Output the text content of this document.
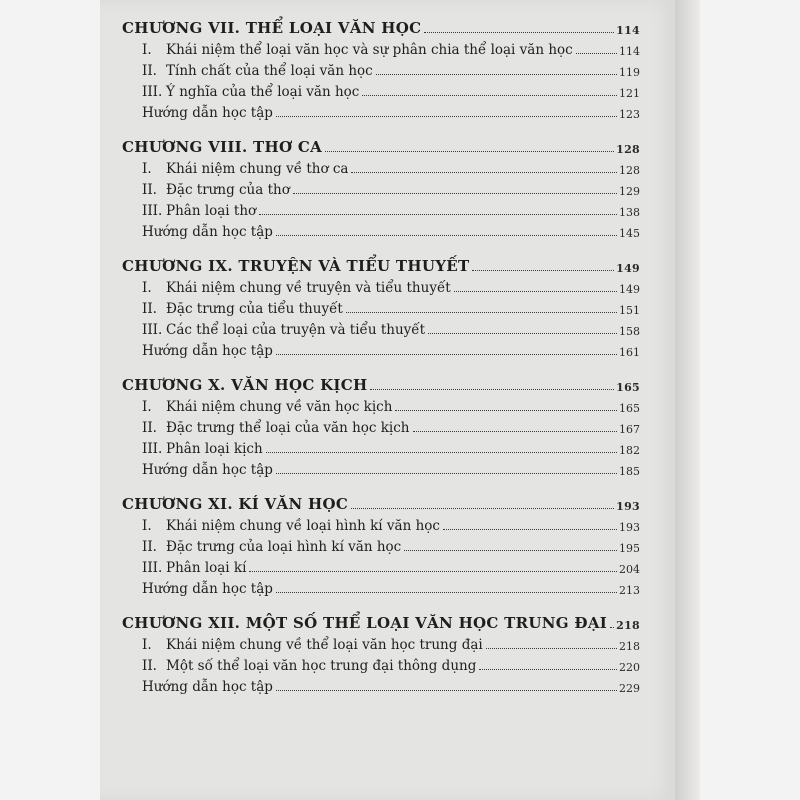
CHƯƠNG VII. THỂ LOẠI VĂN HỌC	114
I. Khái niệm thể loại văn học và sự phân chia thể loại văn học	114
II. Tính chất của thể loại văn học	119
III. Ý nghĩa của thể loại văn học	121
Hướng dẫn học tập	123
CHƯƠNG VIII. THƠ CA	128
I. Khái niệm chung về thơ ca	128
II. Đặc trưng của thơ	129
III. Phân loại thơ	138
Hướng dẫn học tập	145
CHƯƠNG IX. TRUYỆN VÀ TIỂU THUYẾT	149
I. Khái niệm chung về truyện và tiểu thuyết	149
II. Đặc trưng của tiểu thuyết	151
III. Các thể loại của truyện và tiểu thuyết	158
Hướng dẫn học tập	161
CHƯƠNG X. VĂN HỌC KỊCH	165
I. Khái niệm chung về văn học kịch	165
II. Đặc trưng thể loại của văn học kịch	167
III. Phân loại kịch	182
Hướng dẫn học tập	185
CHƯƠNG XI. KÍ VĂN HỌC	193
I. Khái niệm chung về loại hình kí văn học	193
II. Đặc trưng của loại hình kí văn học	195
III. Phân loại kí	204
Hướng dẫn học tập	213
CHƯƠNG XII. MỘT SỐ THỂ LOẠI VĂN HỌC TRUNG ĐẠI 218
I. Khái niệm chung về thể loại văn học trung đại	218
II. Một số thể loại văn học trung đại thông dụng	220
Hướng dẫn học tập	229
